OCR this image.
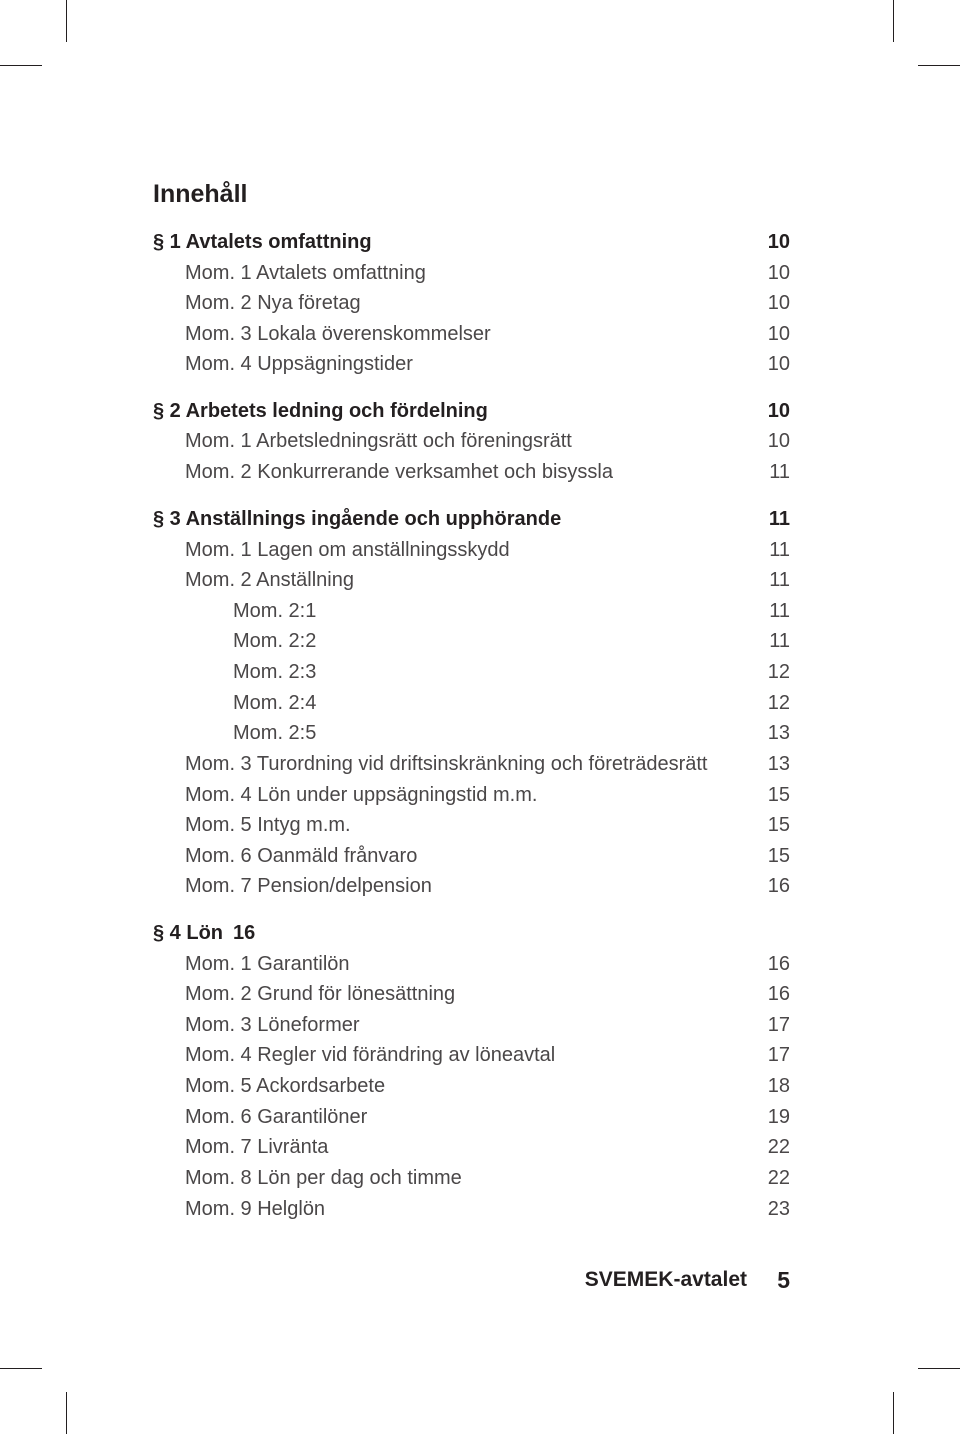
Innehåll
§ 1 Avtalets omfattning	10
Mom. 1 Avtalets omfattning	10
Mom. 2 Nya företag	10
Mom. 3 Lokala överenskommelser	10
Mom. 4 Uppsägningstider	10
§ 2 Arbetets ledning och fördelning	10
Mom. 1 Arbetsledningsrätt och föreningsrätt	10
Mom. 2 Konkurrerande verksamhet och bisyssla	11
§ 3 Anställnings ingående och upphörande	11
Mom. 1 Lagen om anställningsskydd	11
Mom. 2 Anställning	11
Mom. 2:1	11
Mom. 2:2	11
Mom. 2:3	12
Mom. 2:4	12
Mom. 2:5	13
Mom. 3 Turordning vid driftsinskränkning och företrädesrätt	13
Mom. 4 Lön under uppsägningstid m.m.	15
Mom. 5 Intyg m.m.	15
Mom. 6 Oanmäld frånvaro	15
Mom. 7 Pension/delpension	16
§ 4 Lön 16
Mom. 1 Garantilön	16
Mom. 2 Grund för lönesättning	16
Mom. 3 Löneformer	17
Mom. 4 Regler vid förändring av löneavtal	17
Mom. 5 Ackordsarbete	18
Mom. 6 Garantilöner	19
Mom. 7 Livränta	22
Mom. 8 Lön per dag och timme	22
Mom. 9 Helglön	23
SVEMEK-avtalet 5
